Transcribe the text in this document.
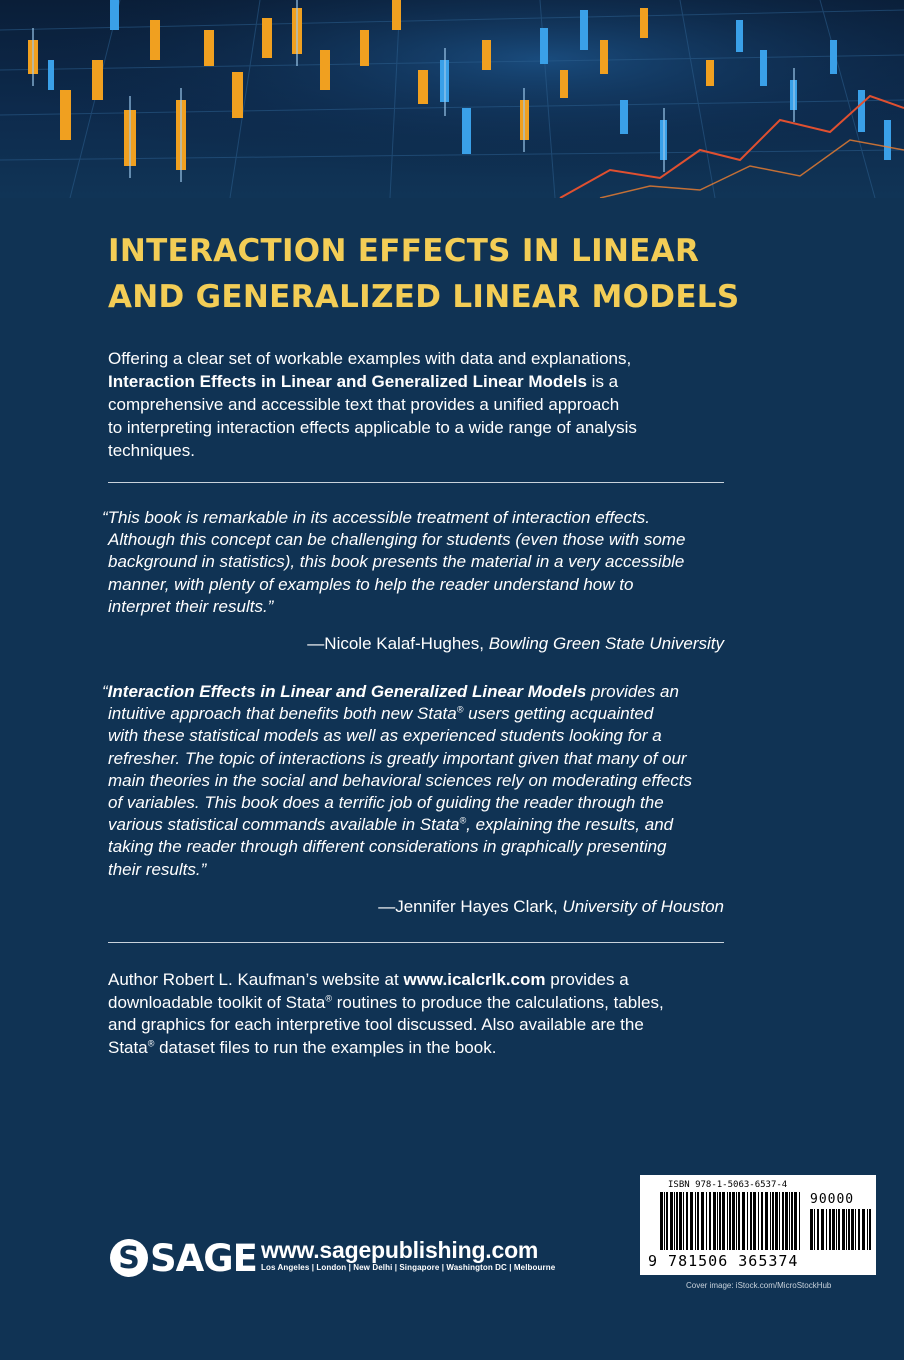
INTERACTION EFFECTS IN LINEAR
AND GENERALIZED LINEAR MODELS
Offering a clear set of workable examples with data and explanations,
Interaction Effects in Linear and Generalized Linear Models is a
comprehensive and accessible text that provides a unified approach
to interpreting interaction effects applicable to a wide range of analysis
techniques.
“This book is remarkable in its accessible treatment of interaction effects.
Although this concept can be challenging for students (even those with some
background in statistics), this book presents the material in a very accessible
manner, with plenty of examples to help the reader understand how to
interpret their results.”
—Nicole Kalaf-Hughes, Bowling Green State University
“Interaction Effects in Linear and Generalized Linear Models provides an
intuitive approach that benefits both new Stata® users getting acquainted
with these statistical models as well as experienced students looking for a
refresher. The topic of interactions is greatly important given that many of our
main theories in the social and behavioral sciences rely on moderating effects
of variables. This book does a terrific job of guiding the reader through the
various statistical commands available in Stata®, explaining the results, and
taking the reader through different considerations in graphically presenting
their results.”
—Jennifer Hayes Clark, University of Houston
Author Robert L. Kaufman’s website at www.icalcrlk.com provides a
downloadable toolkit of Stata® routines to produce the calculations, tables,
and graphics for each interpretive tool discussed. Also available are the
Stata® dataset files to run the examples in the book.
S SAGE www.sagepublishing.com
Los Angeles | London | New Delhi | Singapore | Washington DC | Melbourne
ISBN 978-1-5063-6537-4
90000
9 781506 365374
Cover image: iStock.com/MicroStockHub
